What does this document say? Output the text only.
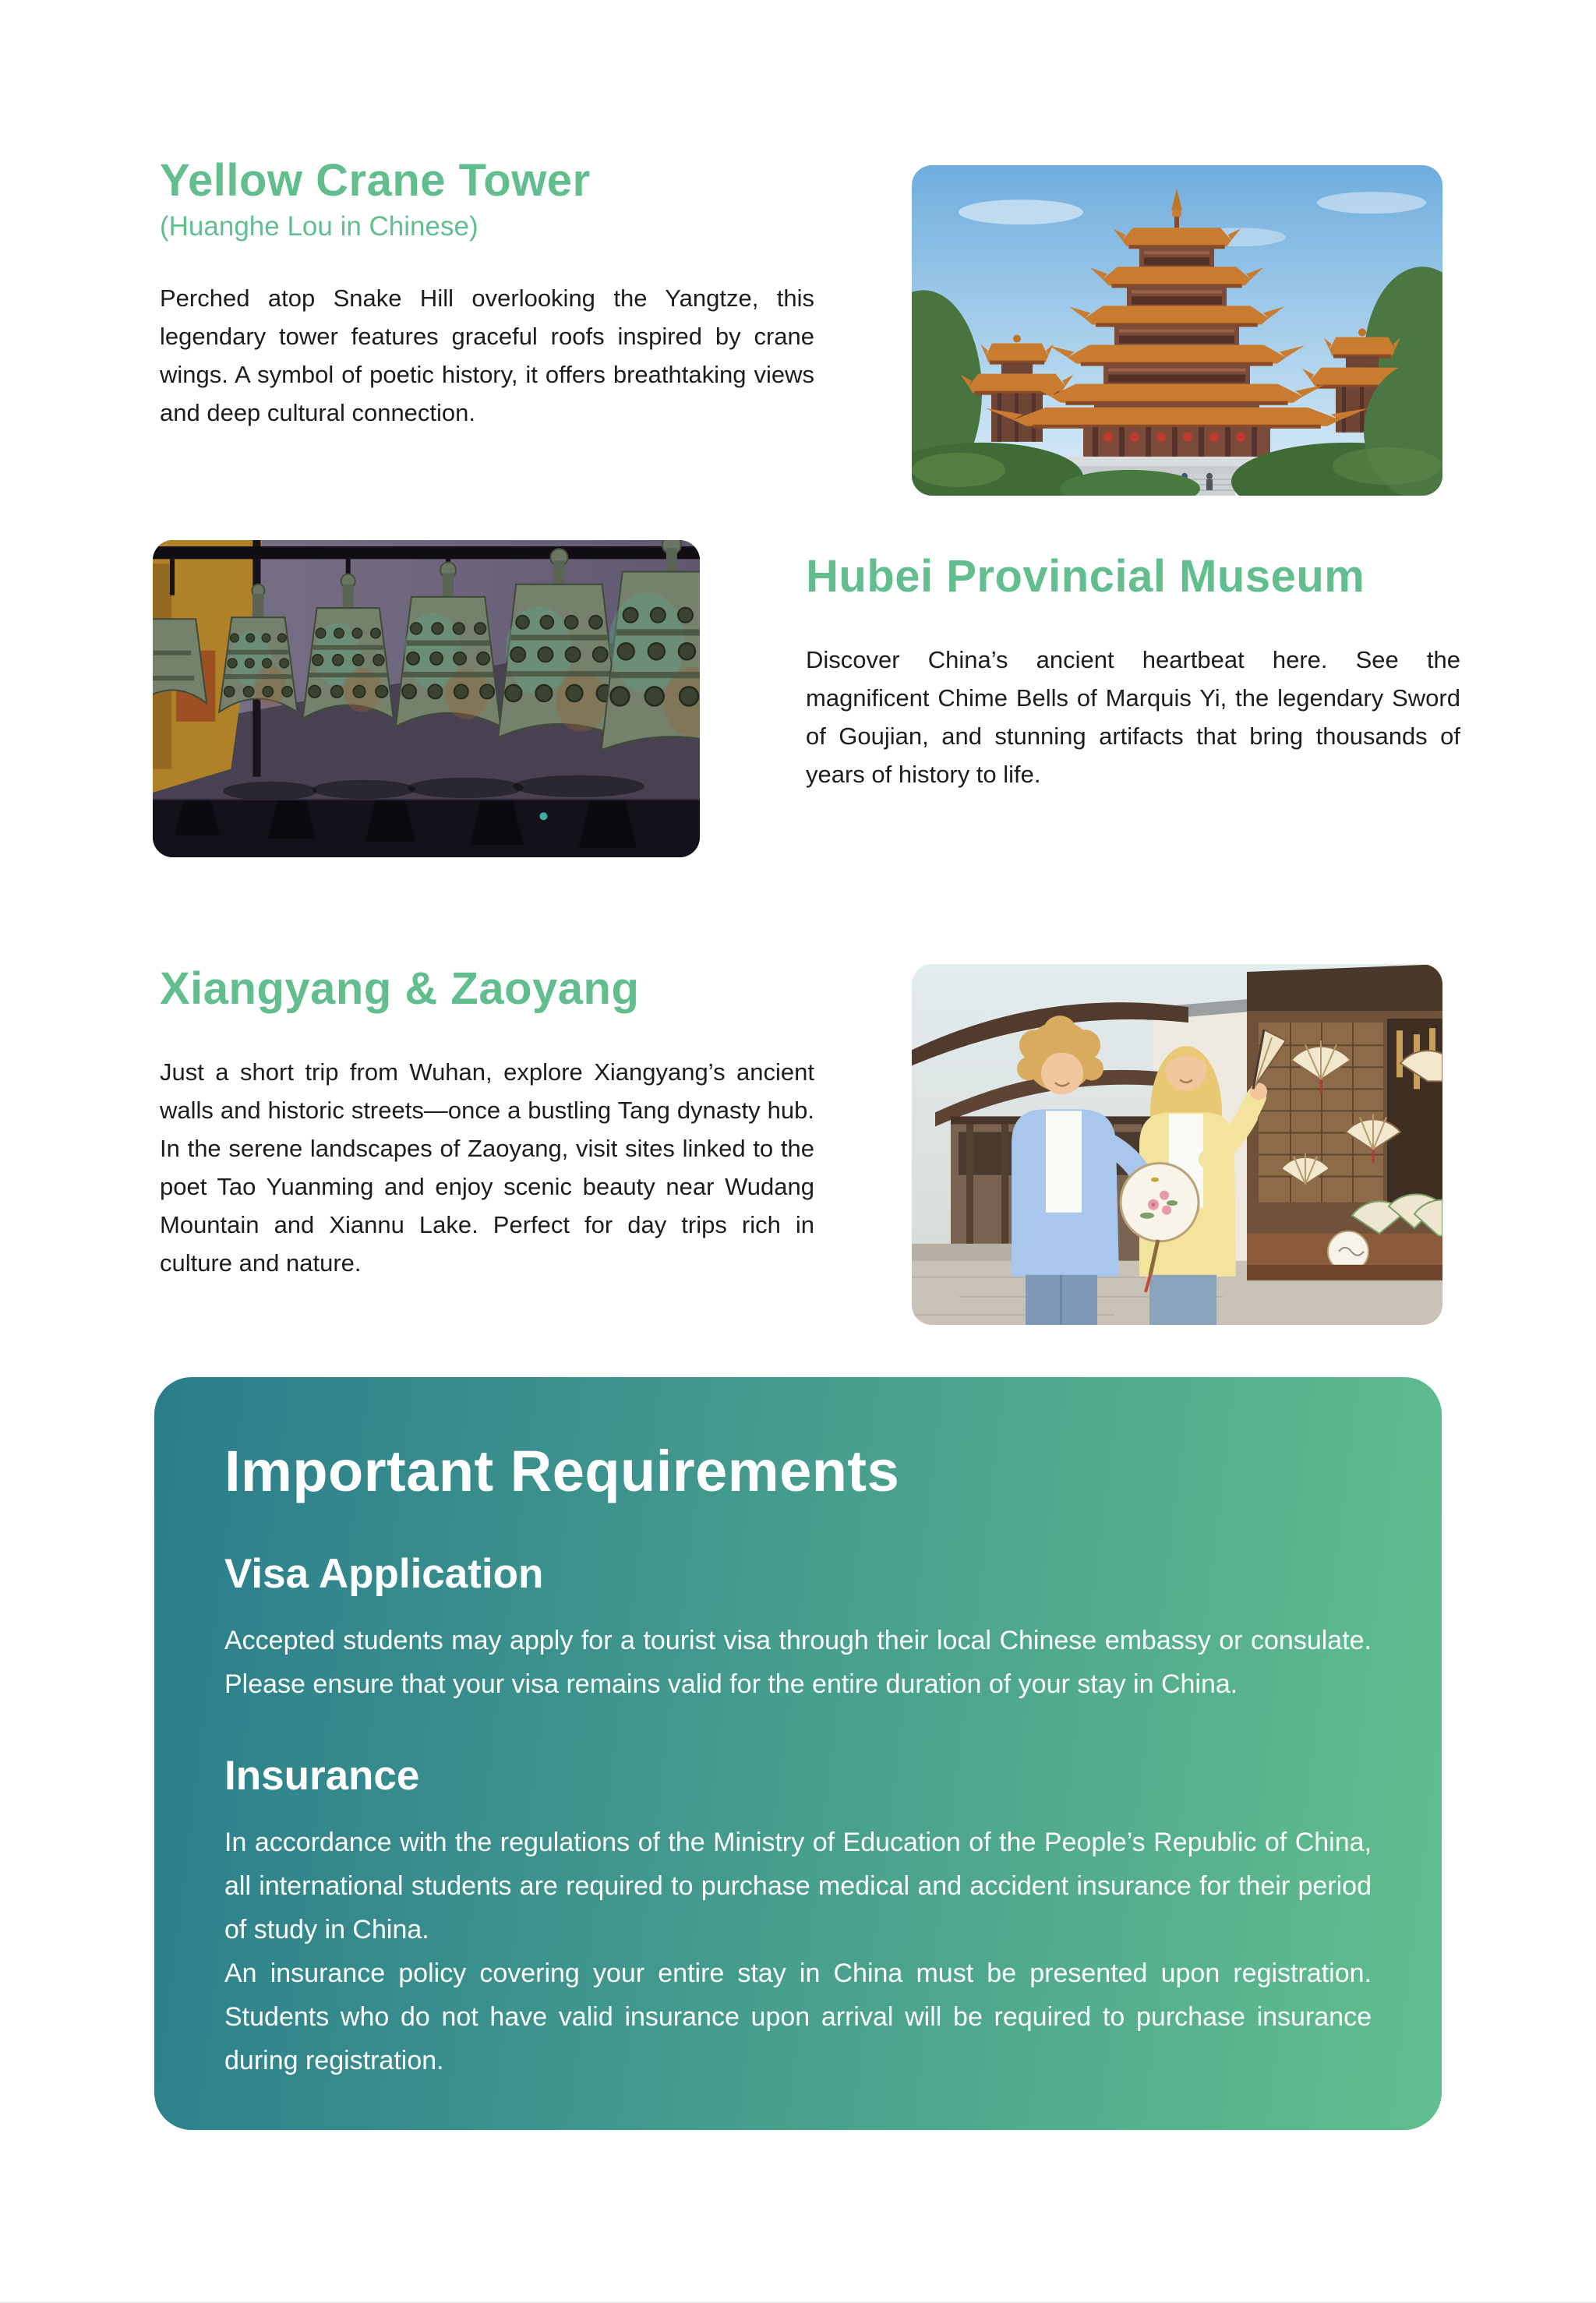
Yellow Crane Tower
(Huanghe Lou in Chinese)

Perched atop Snake Hill overlooking the Yangtze, this legendary tower features graceful roofs inspired by crane wings. A symbol of poetic history, it offers breathtaking views and deep cultural connection.

Hubei Provincial Museum

Discover China’s ancient heartbeat here. See the magnificent Chime Bells of Marquis Yi, the legendary Sword of Goujian, and stunning artifacts that bring thousands of years of history to life.

Xiangyang & Zaoyang

Just a short trip from Wuhan, explore Xiangyang’s ancient walls and historic streets—once a bustling Tang dynasty hub. In the serene landscapes of Zaoyang, visit sites linked to the poet Tao Yuanming and enjoy scenic beauty near Wudang Mountain and Xiannu Lake. Perfect for day trips rich in culture and nature.

Important Requirements
Visa Application

Accepted students may apply for a tourist visa through their local Chinese embassy or consulate. Please ensure that your visa remains valid for the entire duration of your stay in China.

Insurance

In accordance with the regulations of the Ministry of Education of the People’s Republic of China, all international students are required to purchase medical and accident insurance for their period of study in China.

An insurance policy covering your entire stay in China must be presented upon registration. Students who do not have valid insurance upon arrival will be required to purchase insurance during registration.
